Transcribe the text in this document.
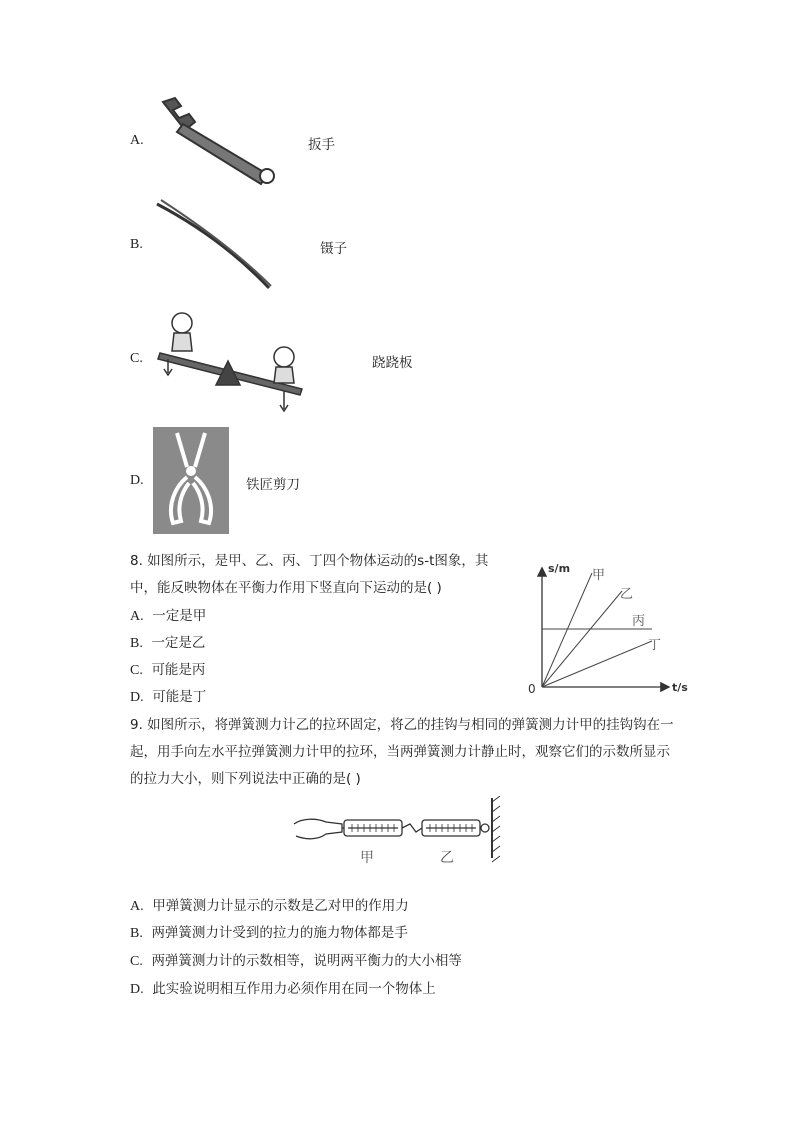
A.	扳手
B.	镊子
C.	跷跷板
D.	铁匠剪刀
8. 如图所示，是甲、乙、丙、丁四个物体运动的s-t图象，其
中，能反映物体在平衡力作用下竖直向下运动的是( )
A. 一定是甲
B. 一定是乙
C. 可能是丙
D. 可能是丁
s/m
t/s
0
甲
乙
丙
丁
9. 如图所示，将弹簧测力计乙的拉环固定，将乙的挂钩与相同的弹簧测力计甲的挂钩钩在一
起，用手向左水平拉弹簧测力计甲的拉环，当两弹簧测力计静止时，观察它们的示数所显示
的拉力大小，则下列说法中正确的是( )
甲	乙
A. 甲弹簧测力计显示的示数是乙对甲的作用力
B. 两弹簧测力计受到的拉力的施力物体都是手
C. 两弹簧测力计的示数相等，说明两平衡力的大小相等
D. 此实验说明相互作用力必须作用在同一个物体上
